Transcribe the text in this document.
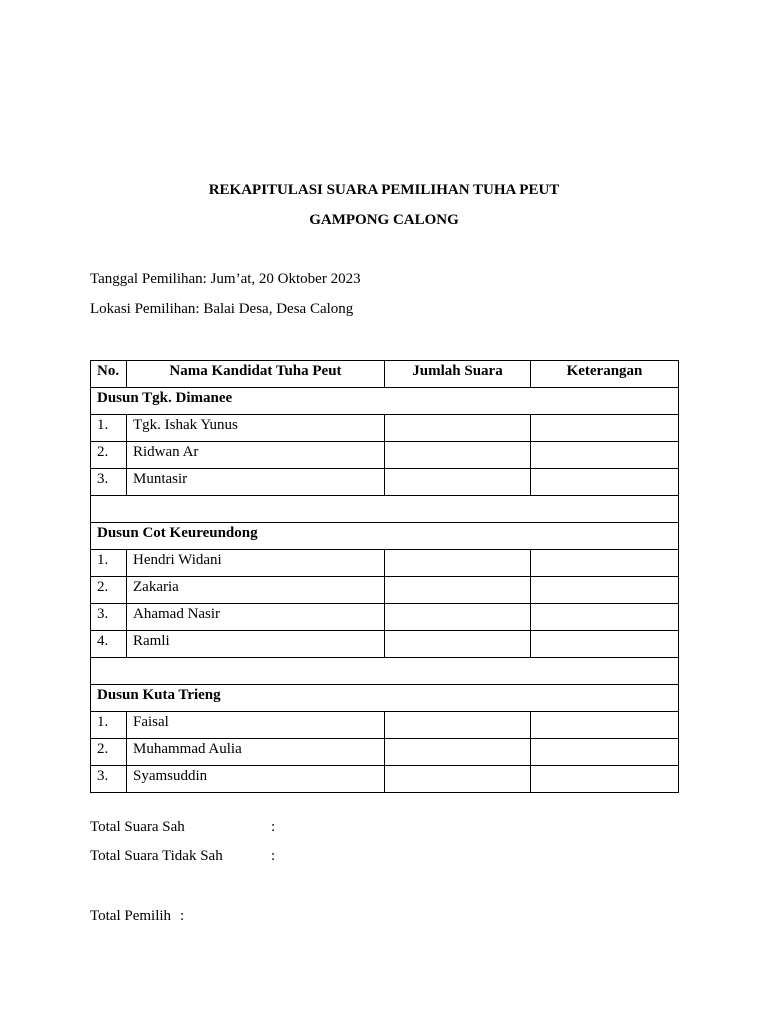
REKAPITULASI SUARA PEMILIHAN TUHA PEUT
GAMPONG CALONG
Tanggal Pemilihan: Jum’at, 20 Oktober 2023
Lokasi Pemilihan: Balai Desa, Desa Calong
No.	Nama Kandidat Tuha Peut	Jumlah Suara	Keterangan
Dusun Tgk. Dimanee			
1.	Tgk. Ishak Yunus		
2.	Ridwan Ar		
3.	Muntasir		

Dusun Cot Keureundong			
1.	Hendri Widani		
2.	Zakaria		
3.	Ahamad Nasir		
4.	Ramli		

Dusun Kuta Trieng			
1.	Faisal		
2.	Muhammad Aulia		
3.	Syamsuddin		
Total Suara Sah	:
Total Suara Tidak Sah	:
Total Pemilih :
